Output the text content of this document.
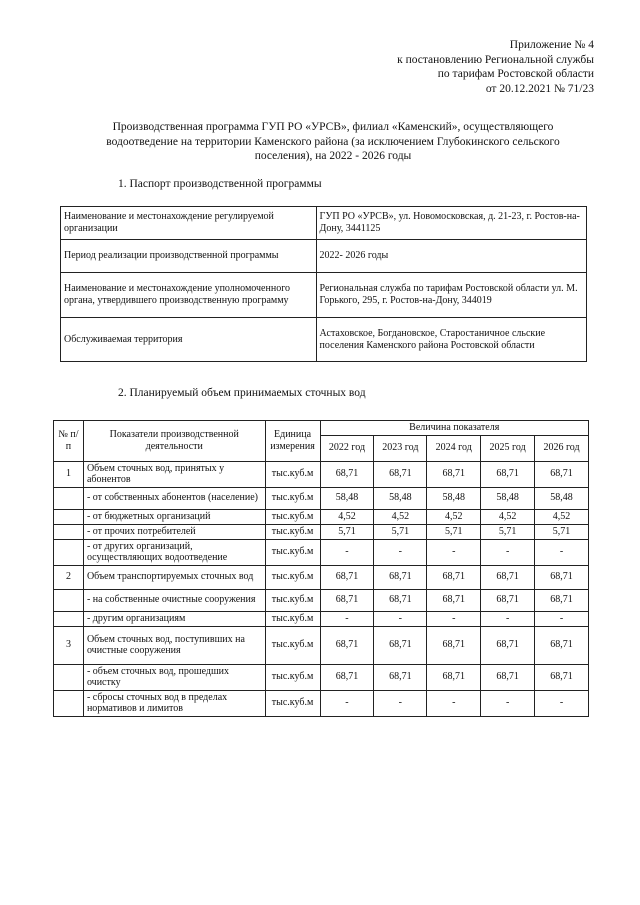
Приложение № 4
к постановлению Региональной службы
по тарифам Ростовской области
от 20.12.2021 № 71/23
Производственная программа ГУП РО «УРСВ», филиал «Каменский», осуществляющего
водоотведение на территории Каменского района (за исключением Глубокинского сельского
поселения), на 2022 - 2026 годы
1. Паспорт производственной программы
Наименование и местонахождение регулируемой организации	ГУП РО «УРСВ», ул. Новомосковская, д. 21-23, г. Ростов-на-Дону, 3441125
Период реализации производственной программы	2022- 2026 годы
Наименование и местонахождение уполномоченного органа, утвердившего производственную программу	Региональная служба по тарифам Ростовской области ул. М. Горького, 295, г. Ростов-на-Дону, 344019
Обслуживаемая территория	Астаховское, Богдановское, Старостаничное сльские поселения Каменского района Ростовской области
2. Планируемый объем принимаемых сточных вод
№ п/п	Показатели производственной деятельности	Единица измерения	Величина показателя				
			2022 год	2023 год	2024 год	2025 год	2026 год
1	Объем сточных вод, принятых у абонентов	тыс.куб.м	68,71	68,71	68,71	68,71	68,71
	- от собственных абонентов (население)	тыс.куб.м	58,48	58,48	58,48	58,48	58,48
	- от бюджетных организаций	тыс.куб.м	4,52	4,52	4,52	4,52	4,52
	- от прочих потребителей	тыс.куб.м	5,71	5,71	5,71	5,71	5,71
	- от других организаций, осуществляющих водоотведение	тыс.куб.м	-	-	-	-	-
2	Объем транспортируемых сточных вод	тыс.куб.м	68,71	68,71	68,71	68,71	68,71
	- на собственные очистные сооружения	тыс.куб.м	68,71	68,71	68,71	68,71	68,71
	- другим организациям	тыс.куб.м	-	-	-	-	-
3	Объем сточных вод, поступивших на очистные сооружения	тыс.куб.м	68,71	68,71	68,71	68,71	68,71
	- объем сточных вод, прошедших очистку	тыс.куб.м	68,71	68,71	68,71	68,71	68,71
	- сбросы сточных вод в пределах нормативов и лимитов	тыс.куб.м	-	-	-	-	-
